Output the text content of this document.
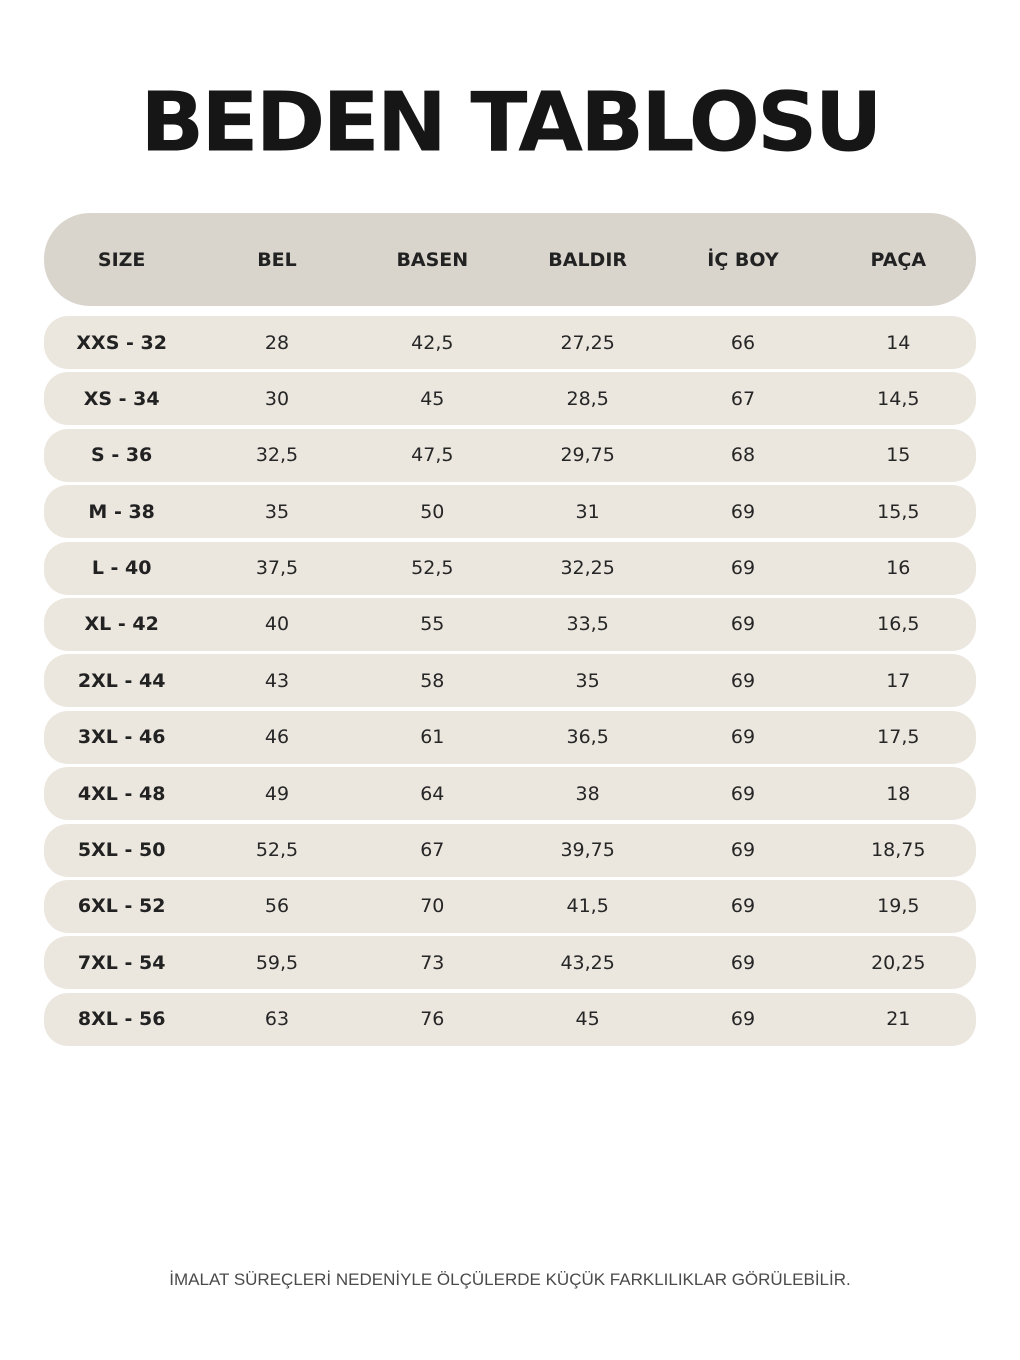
BEDEN TABLOSU
SIZE	BEL	BASEN	BALDIR	İÇ BOY	PAÇA
XXS - 32	28	42,5	27,25	66	14
XS - 34	30	45	28,5	67	14,5
S - 36	32,5	47,5	29,75	68	15
M - 38	35	50	31	69	15,5
L - 40	37,5	52,5	32,25	69	16
XL - 42	40	55	33,5	69	16,5
2XL - 44	43	58	35	69	17
3XL - 46	46	61	36,5	69	17,5
4XL - 48	49	64	38	69	18
5XL - 50	52,5	67	39,75	69	18,75
6XL - 52	56	70	41,5	69	19,5
7XL - 54	59,5	73	43,25	69	20,25
8XL - 56	63	76	45	69	21
İMALAT SÜREÇLERİ NEDENİYLE ÖLÇÜLERDE KÜÇÜK FARKLILIKLAR GÖRÜLEBİLİR.
